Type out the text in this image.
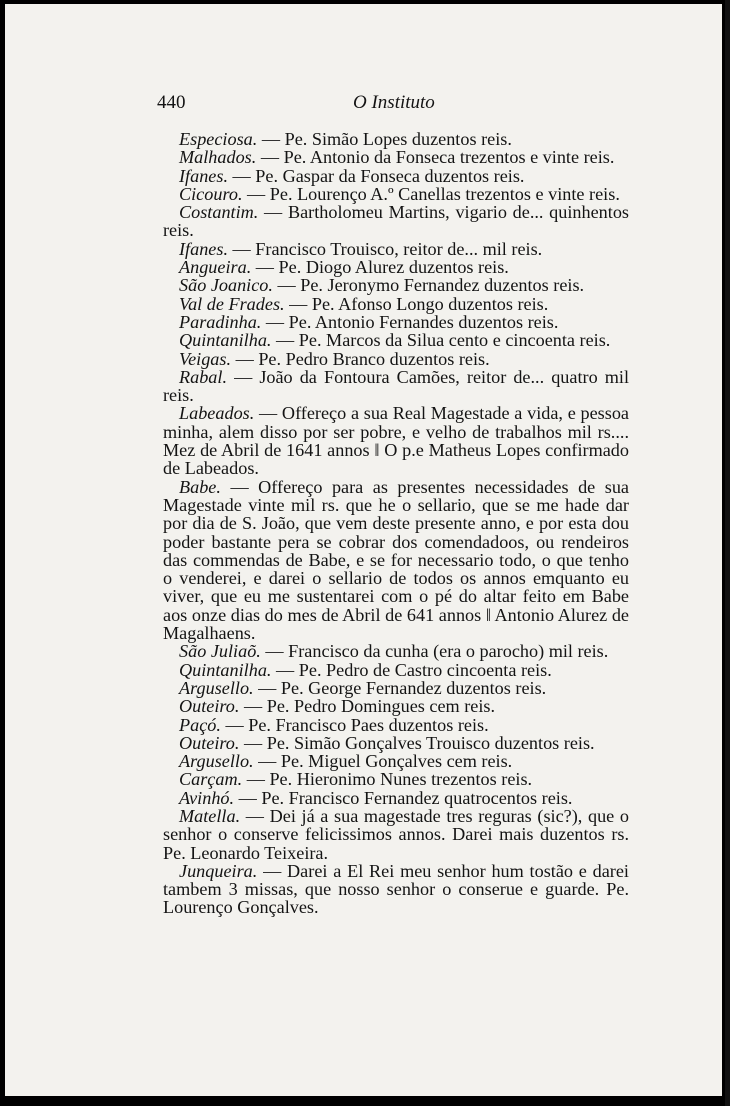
440	O Instituto

Especiosa. — Pe. Simão Lopes duzentos reis.

Malhados. — Pe. Antonio da Fonseca trezentos e vinte reis.

Ifanes. — Pe. Gaspar da Fonseca duzentos reis.

Cicouro. — Pe. Lourenço A.º Canellas trezentos e vinte reis.

Costantim. — Bartholomeu Martins, vigario de... quinhentos reis.

Ifanes. — Francisco Trouisco, reitor de... mil reis.

Angueira. — Pe. Diogo Alurez duzentos reis.

São Joanico. — Pe. Jeronymo Fernandez duzentos reis.

Val de Frades. — Pe. Afonso Longo duzentos reis.

Paradinha. — Pe. Antonio Fernandes duzentos reis.

Quintanilha. — Pe. Marcos da Silua cento e cincoenta reis.

Veigas. — Pe. Pedro Branco duzentos reis.

Rabal. — João da Fontoura Camões, reitor de... quatro mil reis.

Labeados. — Offereço a sua Real Magestade a vida, e pessoa minha, alem disso por ser pobre, e velho de trabalhos mil rs.... Mez de Abril de 1641 annos ‖ O p.e Matheus Lopes confirmado de Labeados.

Babe. — Offereço para as presentes necessidades de sua Magestade vinte mil rs. que he o sellario, que se me hade dar por dia de S. João, que vem deste presente anno, e por esta dou poder bastante pera se cobrar dos comendadoos, ou rendeiros das commendas de Babe, e se for necessario todo, o que tenho o venderei, e darei o sellario de todos os annos emquanto eu viver, que eu me sustentarei com o pé do altar feito em Babe aos onze dias do mes de Abril de 641 annos ‖ Antonio Alurez de Magalhaens.

São Juliaõ. — Francisco da cunha (era o parocho) mil reis.

Quintanilha. — Pe. Pedro de Castro cincoenta reis.

Argusello. — Pe. George Fernandez duzentos reis.

Outeiro. — Pe. Pedro Domingues cem reis.

Paçó. — Pe. Francisco Paes duzentos reis.

Outeiro. — Pe. Simão Gonçalves Trouisco duzentos reis.

Argusello. — Pe. Miguel Gonçalves cem reis.

Carçam. — Pe. Hieronimo Nunes trezentos reis.

Avinhó. — Pe. Francisco Fernandez quatrocentos reis.

Matella. — Dei já a sua magestade tres reguras (sic?), que o senhor o conserve felicissimos annos. Darei mais duzentos rs. Pe. Leonardo Teixeira.

Junqueira. — Darei a El Rei meu senhor hum tostão e darei tambem 3 missas, que nosso senhor o conserue e guarde. Pe. Lourenço Gonçalves.
